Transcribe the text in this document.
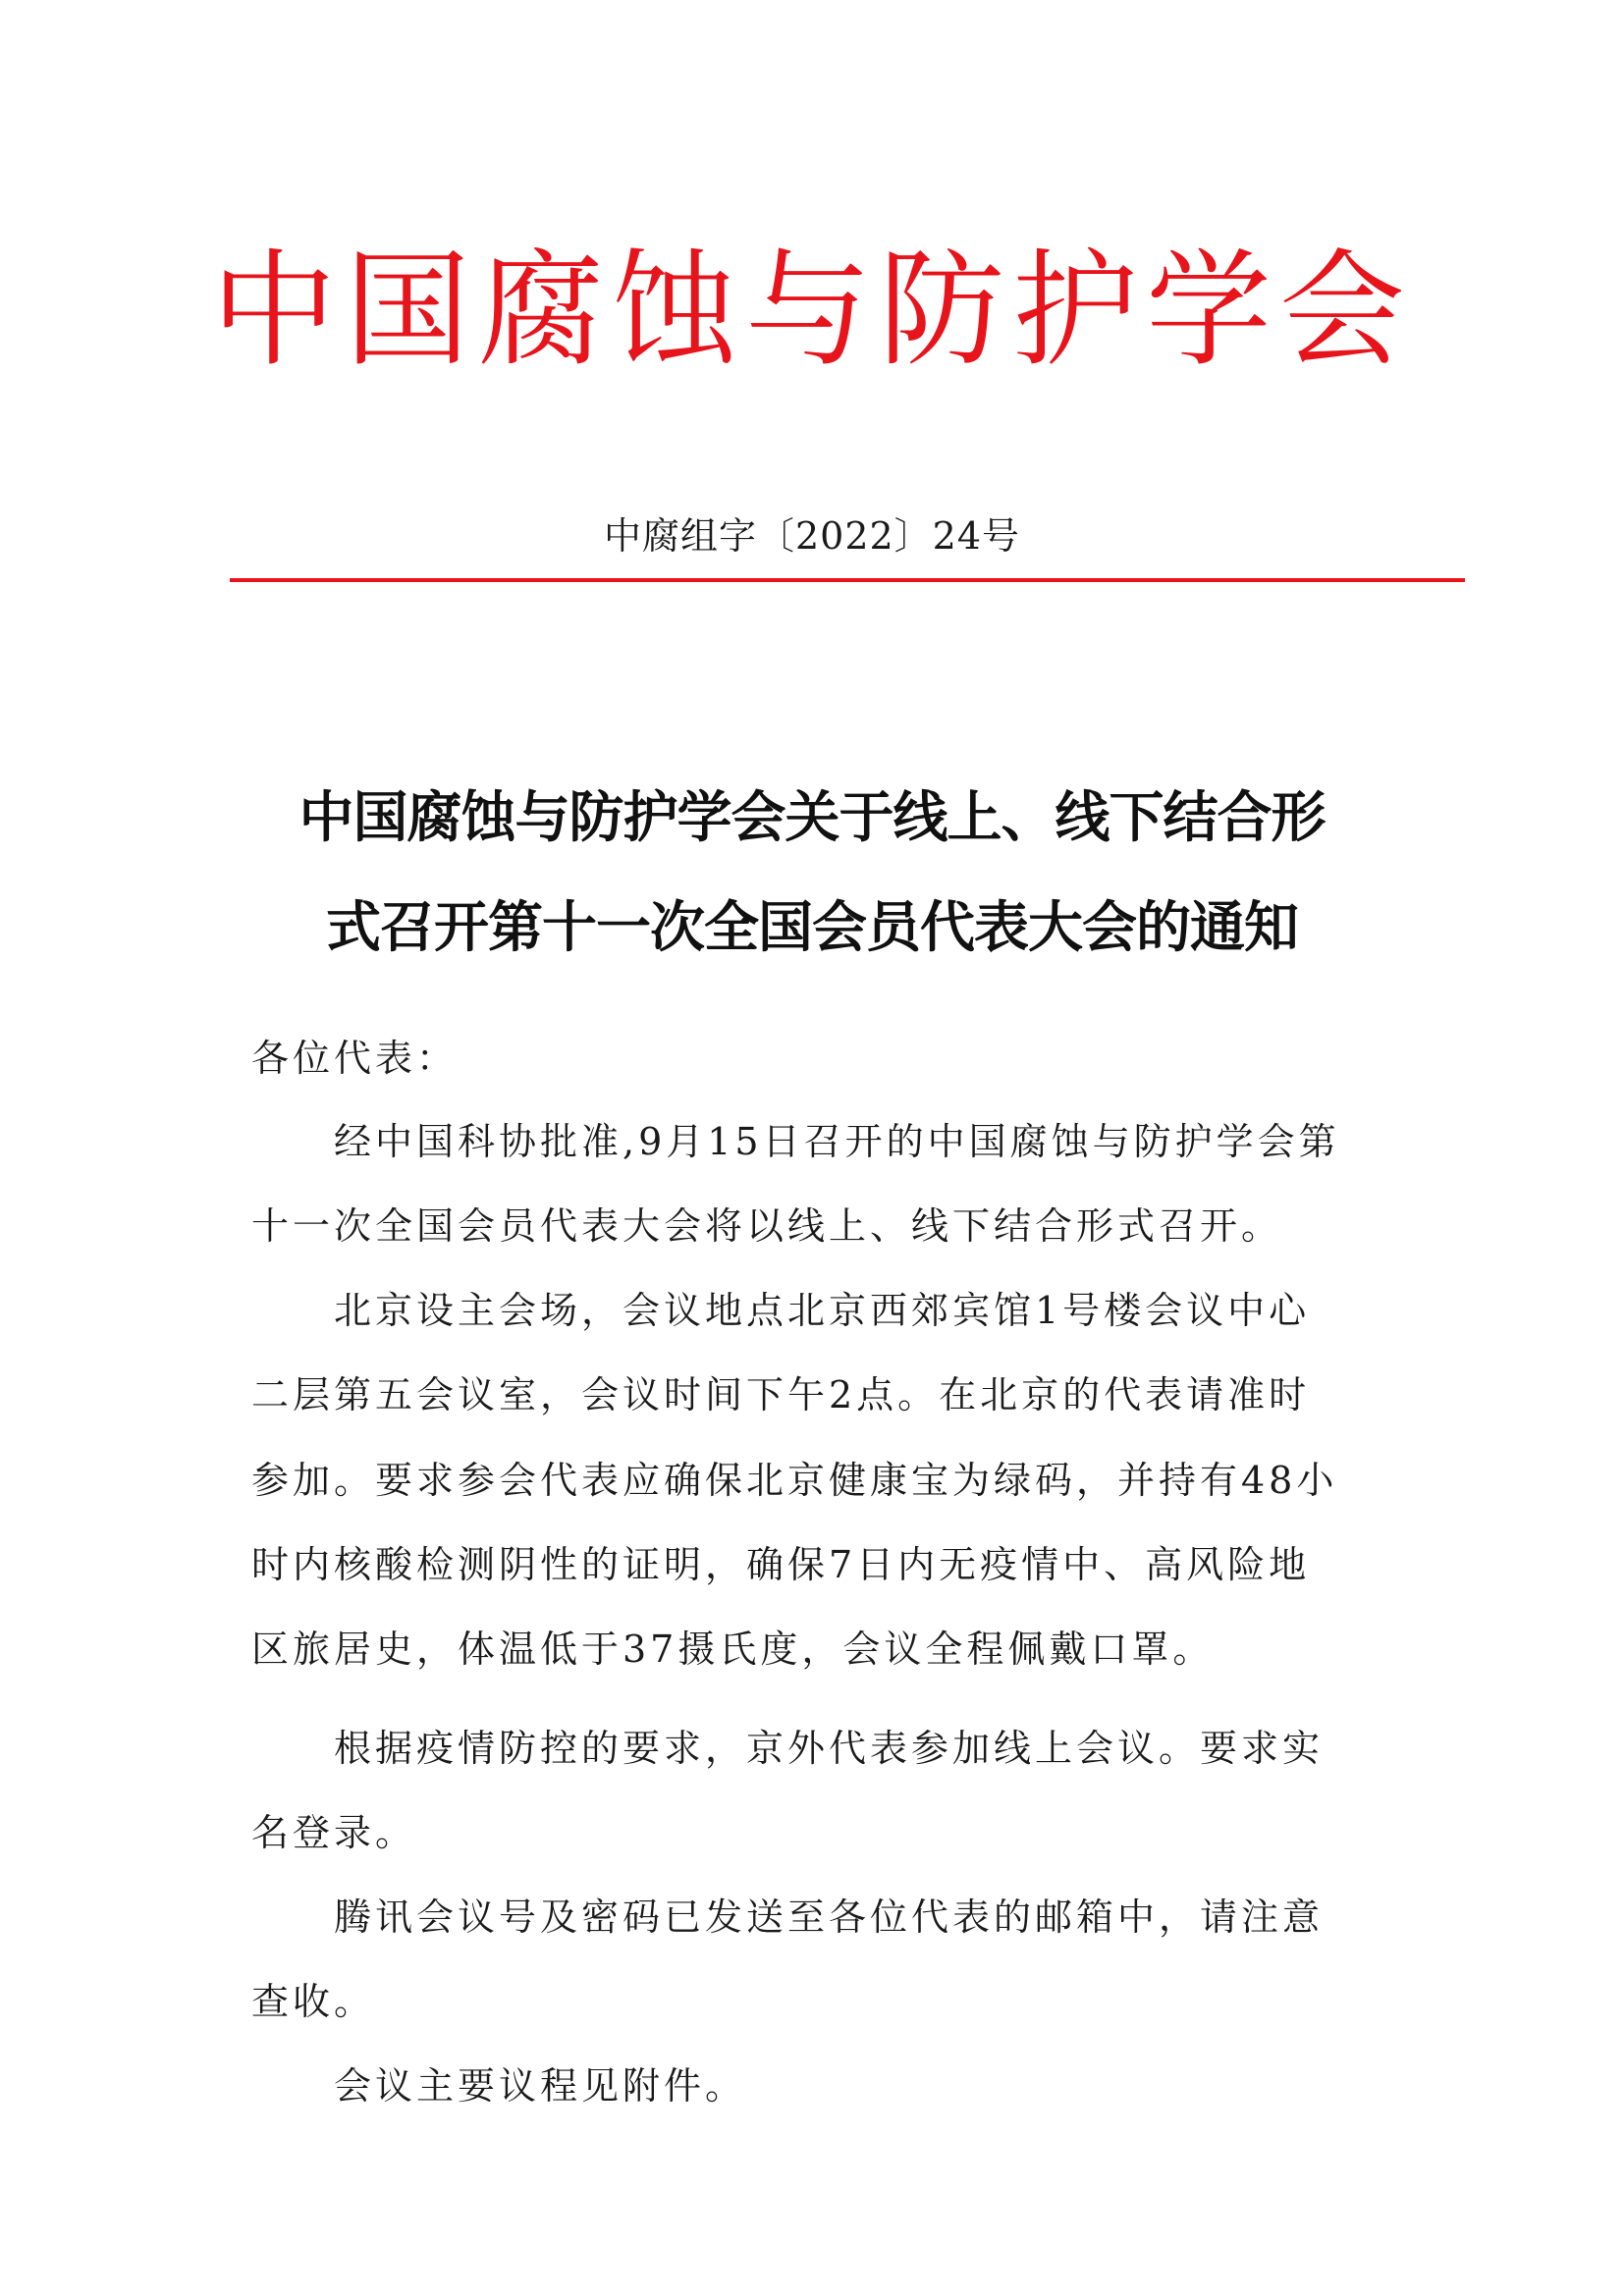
中国腐蚀与防护学会
中腐组字〔2022〕24号
中国腐蚀与防护学会关于线上、线下结合形
式召开第十一次全国会员代表大会的通知
各位代表：
经中国科协批准,9月15日召开的中国腐蚀与防护学会第
十一次全国会员代表大会将以线上、线下结合形式召开。
北京设主会场，会议地点北京西郊宾馆1号楼会议中心
二层第五会议室，会议时间下午2点。在北京的代表请准时
参加。要求参会代表应确保北京健康宝为绿码，并持有48小
时内核酸检测阴性的证明，确保7日内无疫情中、高风险地
区旅居史，体温低于37摄氏度，会议全程佩戴口罩。
根据疫情防控的要求，京外代表参加线上会议。要求实
名登录。
腾讯会议号及密码已发送至各位代表的邮箱中，请注意
查收。
会议主要议程见附件。
